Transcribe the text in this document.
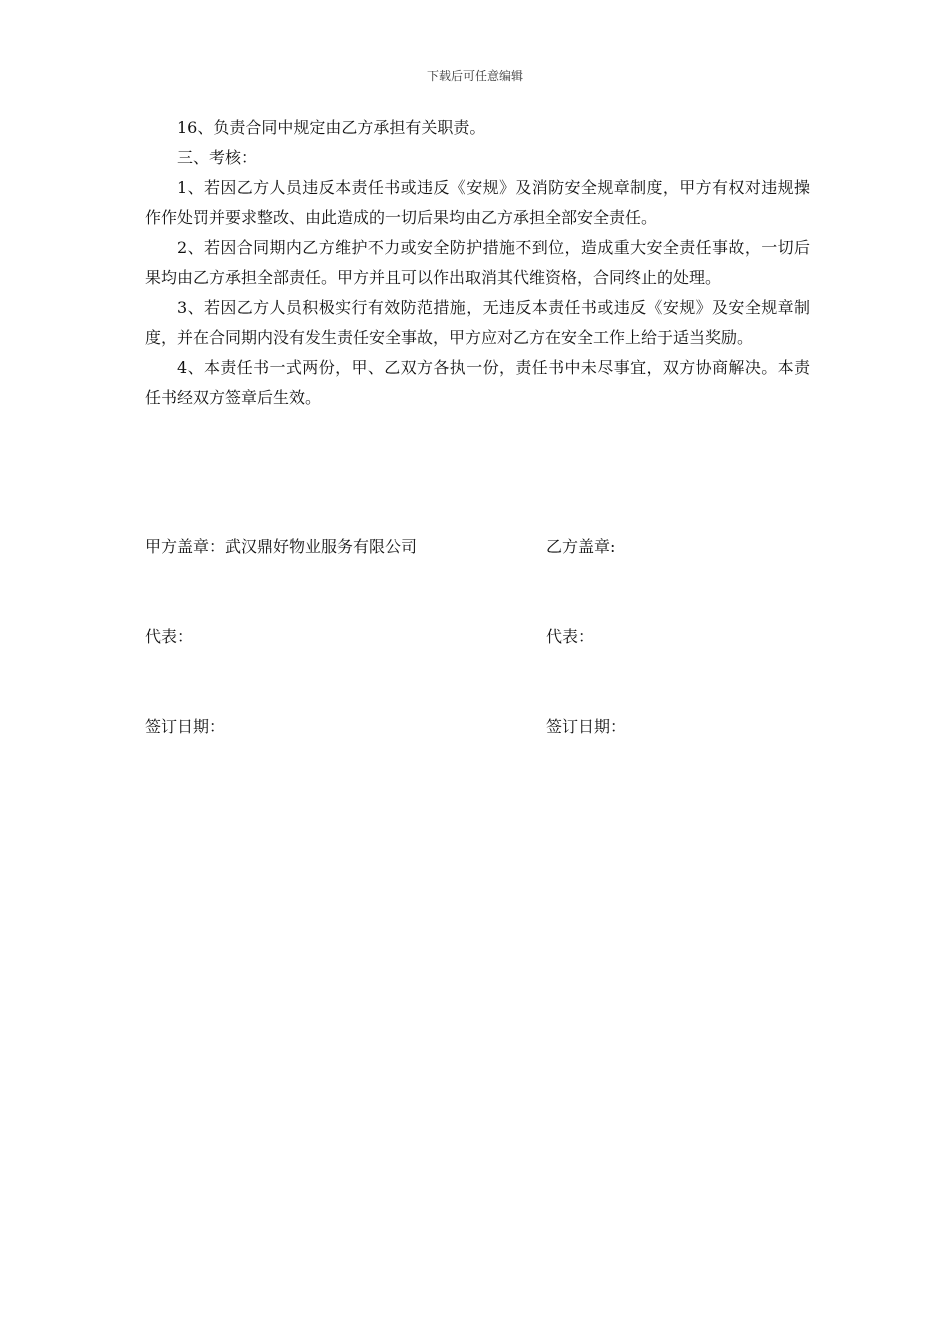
下载后可任意编辑

16、负责合同中规定由乙方承担有关职责。

三、考核：

1、若因乙方人员违反本责任书或违反《安规》及消防安全规章制度，甲方有权对违规操作作处罚并要求整改、由此造成的一切后果均由乙方承担全部安全责任。

2、若因合同期内乙方维护不力或安全防护措施不到位，造成重大安全责任事故，一切后果均由乙方承担全部责任。甲方并且可以作出取消其代维资格，合同终止的处理。

3、若因乙方人员积极实行有效防范措施，无违反本责任书或违反《安规》及安全规章制度，并在合同期内没有发生责任安全事故，甲方应对乙方在安全工作上给于适当奖励。

4、本责任书一式两份，甲、乙双方各执一份，责任书中未尽事宜，双方协商解决。本责任书经双方签章后生效。

甲方盖章：武汉鼎好物业服务有限公司	乙方盖章:
代表：	代表：
签订日期：	签订日期：
